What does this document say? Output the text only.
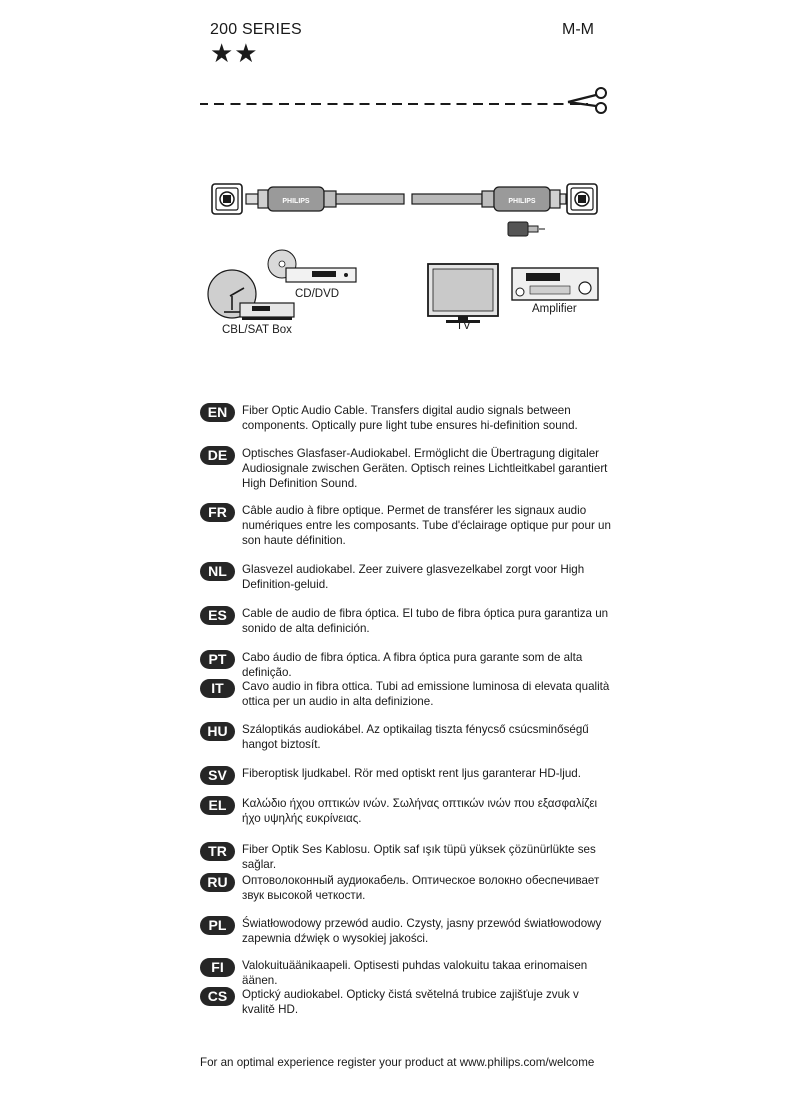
200 SERIES	M-M
★★
PHILIPS	PHILIPS
CD/DVD
CBL/SAT Box	TV
Amplifier
EN	Fiber Optic Audio Cable. Transfers digital audio signals between components. Optically pure light tube ensures hi-definition sound.
DE	Optisches Glasfaser-Audiokabel. Ermöglicht die Übertragung digitaler Audiosignale zwischen Geräten. Optisch reines Lichtleitkabel garantiert High Definition Sound.
FR	Câble audio à fibre optique. Permet de transférer les signaux audio numériques entre les composants. Tube d'éclairage optique pur pour un son haute définition.
NL	Glasvezel audiokabel. Zeer zuivere glasvezelkabel zorgt voor High Definition-geluid.
ES	Cable de audio de fibra óptica. El tubo de fibra óptica pura garantiza un sonido de alta definición.
PT	Cabo áudio de fibra óptica. A fibra óptica pura garante som de alta definição.
IT	Cavo audio in fibra ottica. Tubi ad emissione luminosa di elevata qualità ottica per un audio in alta definizione.
HU	Száloptikás audiokábel. Az optikailag tiszta fénycső csúcsminőségű hangot biztosít.
SV	Fiberoptisk ljudkabel. Rör med optiskt rent ljus garanterar HD-ljud.
EL	Καλώδιο ήχου οπτικών ινών. Σωλήνας οπτικών ινών που εξασφαλίζει ήχο υψηλής ευκρίνειας.
TR	Fiber Optik Ses Kablosu. Optik saf ışık tüpü yüksek çözünürlükte ses sağlar.
RU	Оптоволоконный аудиокабель. Оптическое волокно обеспечивает звук высокой четкости.
PL	Światłowodowy przewód audio. Czysty, jasny przewód światłowodowy zapewnia dźwięk o wysokiej jakości.
FI	Valokuituäänikaapeli. Optisesti puhdas valokuitu takaa erinomaisen äänen.
CS	Optický audiokabel. Opticky čistá světelná trubice zajišťuje zvuk v kvalitě HD.
For an optimal experience register your product at www.philips.com/welcome
